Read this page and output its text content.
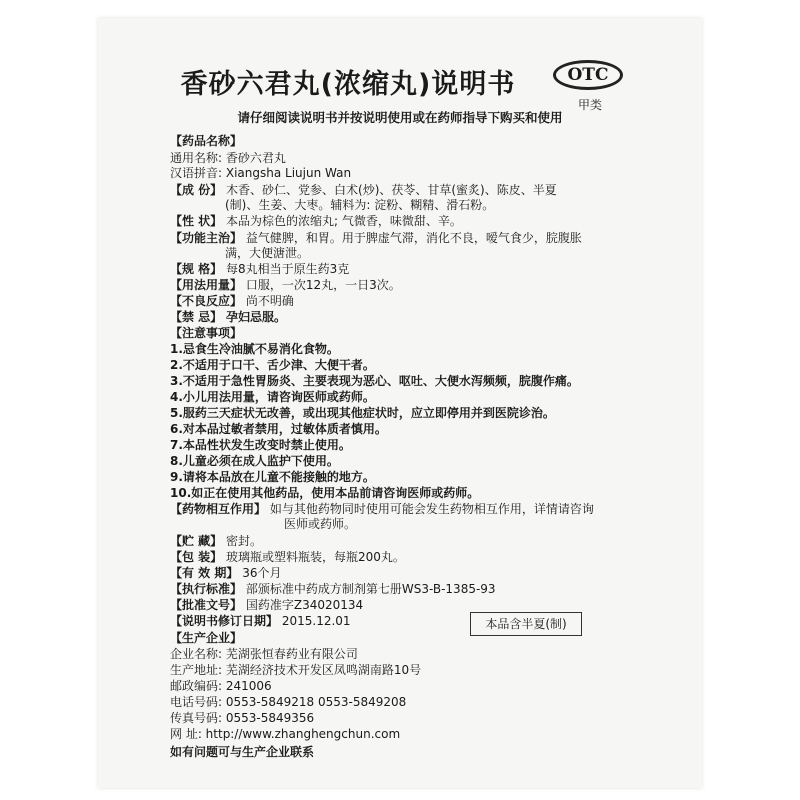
香砂六君丸(浓缩丸)说明书	OTC
甲类
请仔细阅读说明书并按说明使用或在药师指导下购买和使用
【药品名称】
通用名称: 香砂六君丸
汉语拼音: Xiangsha Liujun Wan
【成 份】 木香、砂仁、党参、白术(炒)、茯苓、甘草(蜜炙)、陈皮、半夏
(制)、生姜、大枣。辅料为: 淀粉、糊精、滑石粉。
【性 状】 本品为棕色的浓缩丸; 气微香，味微甜、辛。
【功能主治】 益气健脾，和胃。用于脾虚气滞，消化不良，嗳气食少，脘腹胀
满，大便溏泄。
【规 格】 每8丸相当于原生药3克
【用法用量】 口服，一次12丸，一日3次。
【不良反应】 尚不明确
【禁 忌】 孕妇忌服。
【注意事项】
1.忌食生冷油腻不易消化食物。
2.不适用于口干、舌少津、大便干者。
3.不适用于急性胃肠炎、主要表现为恶心、呕吐、大便水泻频频，脘腹作痛。
4.小儿用法用量，请咨询医师或药师。
5.服药三天症状无改善，或出现其他症状时，应立即停用并到医院诊治。
6.对本品过敏者禁用，过敏体质者慎用。
7.本品性状发生改变时禁止使用。
8.儿童必须在成人监护下使用。
9.请将本品放在儿童不能接触的地方。
10.如正在使用其他药品，使用本品前请咨询医师或药师。
【药物相互作用】 如与其他药物同时使用可能会发生药物相互作用，详情请咨询
医师或药师。
【贮 藏】 密封。
【包 装】 玻璃瓶或塑料瓶装，每瓶200丸。
【有 效 期】 36个月
【执行标准】 部颁标准中药成方制剂第七册WS3-B-1385-93
【批准文号】 国药准字Z34020134
【说明书修订日期】 2015.12.01	本品含半夏(制)
【生产企业】
企业名称: 芜湖张恒春药业有限公司
生产地址: 芜湖经济技术开发区凤鸣湖南路10号
邮政编码: 241006
电话号码: 0553-5849218 0553-5849208
传真号码: 0553-5849356
网 址: http://www.zhanghengchun.com
如有问题可与生产企业联系
